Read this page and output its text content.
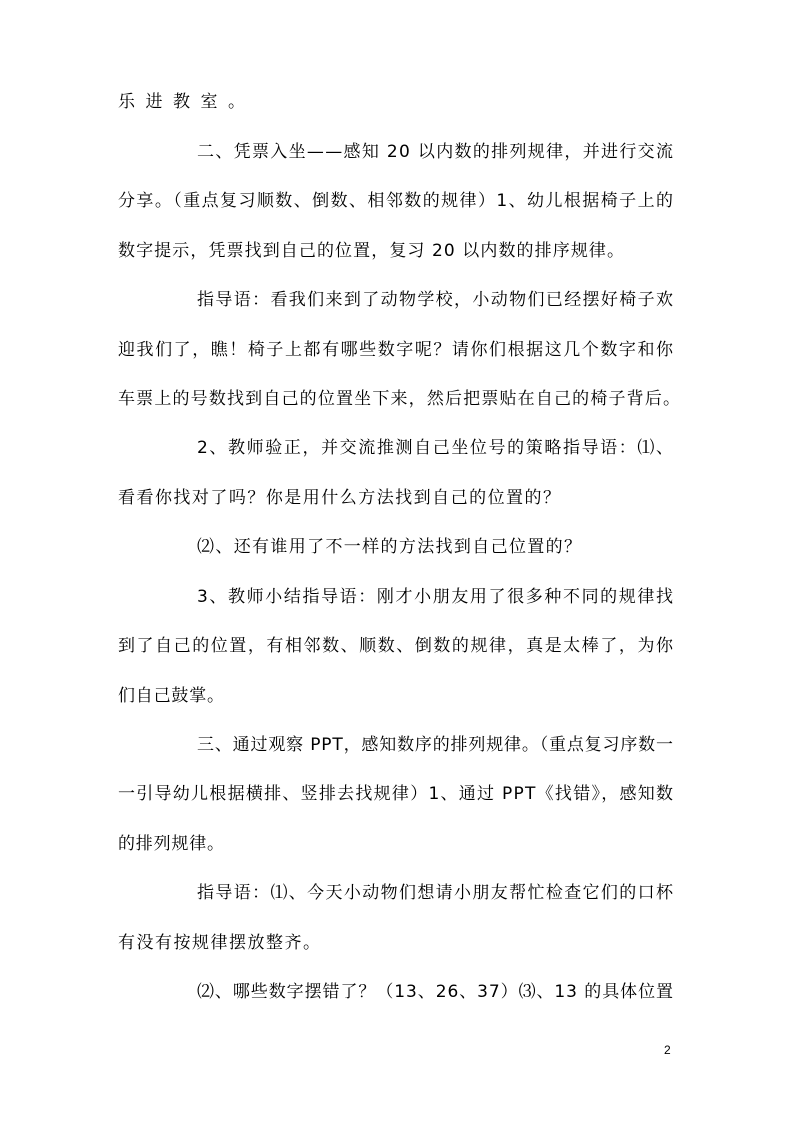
乐进教室。
二、凭票入坐——感知 20 以内数的排列规律，并进行交流
分享。（重点复习顺数、倒数、相邻数的规律）1、幼儿根据椅子上的
数字提示，凭票找到自己的位置，复习 20 以内数的排序规律。
指导语：看我们来到了动物学校，小动物们已经摆好椅子欢
迎我们了，瞧！椅子上都有哪些数字呢？请你们根据这几个数字和你
车票上的号数找到自己的位置坐下来，然后把票贴在自己的椅子背后。
2、教师验正，并交流推测自己坐位号的策略指导语：⑴、
看看你找对了吗？你是用什么方法找到自己的位置的？
⑵、还有谁用了不一样的方法找到自己位置的？
3、教师小结指导语：刚才小朋友用了很多种不同的规律找
到了自己的位置，有相邻数、顺数、倒数的规律，真是太棒了，为你
们自己鼓掌。
三、通过观察 PPT，感知数序的排列规律。（重点复习序数一
一引导幼儿根据横排、竖排去找规律）1、通过 PPT《找错》，感知数
的排列规律。
指导语：⑴、今天小动物们想请小朋友帮忙检查它们的口杯
有没有按规律摆放整齐。
⑵、哪些数字摆错了？（13、26、37）⑶、13 的具体位置
2
